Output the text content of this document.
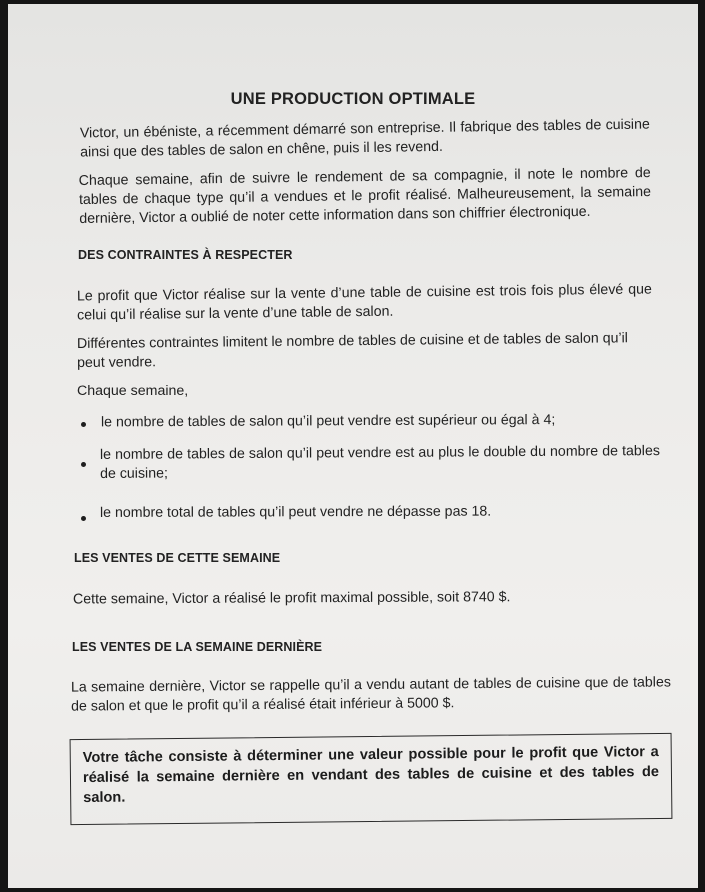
UNE PRODUCTION OPTIMALE
Victor, un ébéniste, a récemment démarré son entreprise. Il fabrique des tables de cuisine ainsi que des tables de salon en chêne, puis il les revend.
Chaque semaine, afin de suivre le rendement de sa compagnie, il note le nombre de tables de chaque type qu’il a vendues et le profit réalisé. Malheureusement, la semaine dernière, Victor a oublié de noter cette information dans son chiffrier électronique.
DES CONTRAINTES À RESPECTER
Le profit que Victor réalise sur la vente d’une table de cuisine est trois fois plus élevé que celui qu’il réalise sur la vente d’une table de salon.
Différentes contraintes limitent le nombre de tables de cuisine et de tables de salon qu’il peut vendre.
Chaque semaine,
le nombre de tables de salon qu’il peut vendre est supérieur ou égal à 4;
le nombre de tables de salon qu’il peut vendre est au plus le double du nombre de tables de cuisine;
le nombre total de tables qu’il peut vendre ne dépasse pas 18.
LES VENTES DE CETTE SEMAINE
Cette semaine, Victor a réalisé le profit maximal possible, soit 8740 $.
LES VENTES DE LA SEMAINE DERNIÈRE
La semaine dernière, Victor se rappelle qu’il a vendu autant de tables de cuisine que de tables de salon et que le profit qu’il a réalisé était inférieur à 5000 $.
Votre tâche consiste à déterminer une valeur possible pour le profit que Victor a réalisé la semaine dernière en vendant des tables de cuisine et des tables de salon.
